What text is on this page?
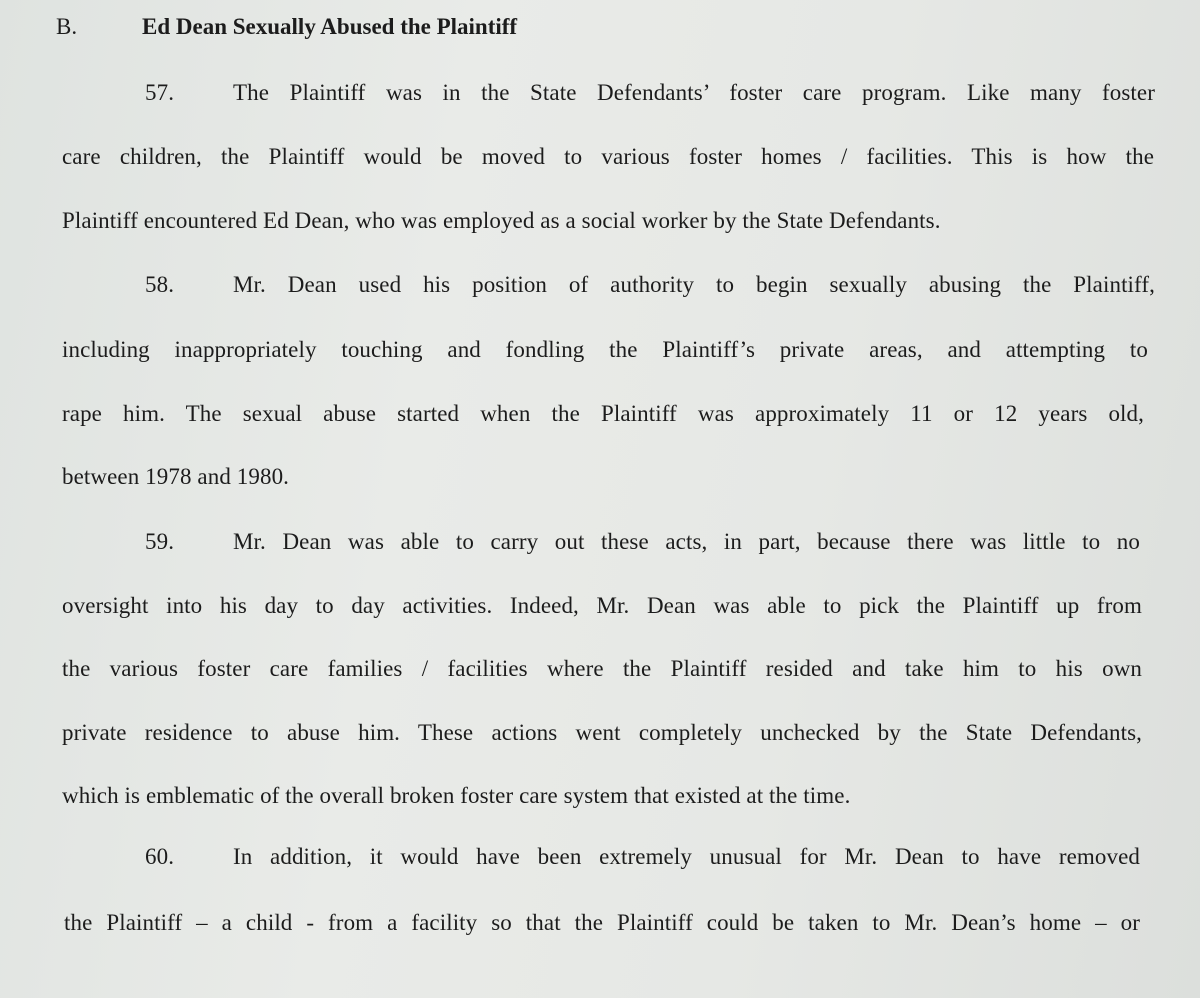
B.	Ed Dean Sexually Abused the Plaintiff
57.	The Plaintiff was in the State Defendants’ foster care program. Like many foster
care children, the Plaintiff would be moved to various foster homes / facilities. This is how the
Plaintiff encountered Ed Dean, who was employed as a social worker by the State Defendants.
58.	Mr. Dean used his position of authority to begin sexually abusing the Plaintiff,
including inappropriately touching and fondling the Plaintiff’s private areas, and attempting to
rape him. The sexual abuse started when the Plaintiff was approximately 11 or 12 years old,
between 1978 and 1980.
59.	Mr. Dean was able to carry out these acts, in part, because there was little to no
oversight into his day to day activities. Indeed, Mr. Dean was able to pick the Plaintiff up from
the various foster care families / facilities where the Plaintiff resided and take him to his own
private residence to abuse him. These actions went completely unchecked by the State Defendants,
which is emblematic of the overall broken foster care system that existed at the time.
60.	In addition, it would have been extremely unusual for Mr. Dean to have removed
the Plaintiff – a child - from a facility so that the Plaintiff could be taken to Mr. Dean’s home – or
